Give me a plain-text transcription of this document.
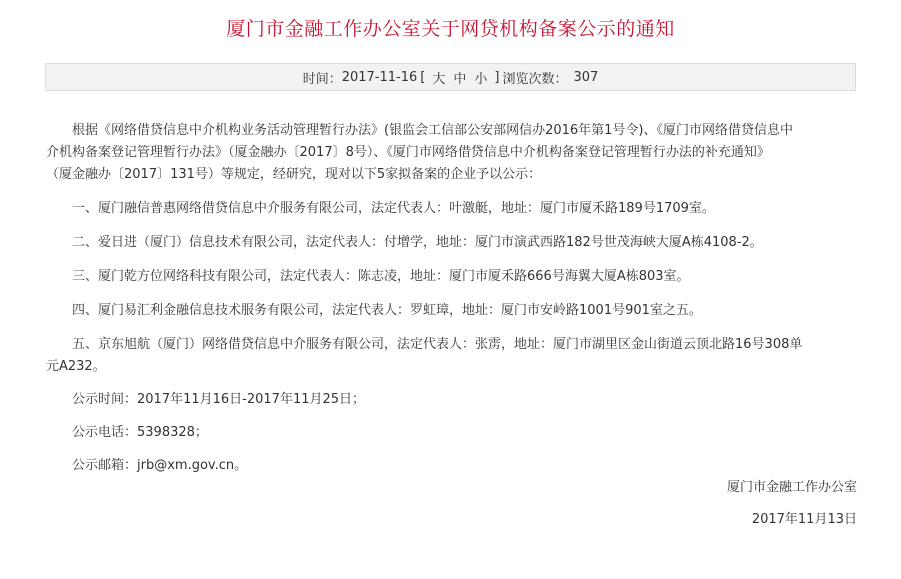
厦门市金融工作办公室关于网贷机构备案公示的通知
时间： 2017-11-16 [ 大 中 小 ] 浏览次数： 307

根据《网络借贷信息中介机构业务活动管理暂行办法》(银监会工信部公安部网信办2016年第1号令)、《厦门市网络借贷信息中
介机构备案登记管理暂行办法》（厦金融办〔2017〕8号）、《厦门市网络借贷信息中介机构备案登记管理暂行办法的补充通知》
（厦金融办〔2017〕131号）等规定，经研究，现对以下5家拟备案的企业予以公示：

一、厦门融信普惠网络借贷信息中介服务有限公司，法定代表人：叶激艇，地址：厦门市厦禾路189号1709室。

二、爱日进（厦门）信息技术有限公司，法定代表人：付增学，地址：厦门市演武西路182号世茂海峡大厦A栋4108-2。

三、厦门乾方位网络科技有限公司，法定代表人：陈志凌，地址：厦门市厦禾路666号海翼大厦A栋803室。

四、厦门易汇利金融信息技术服务有限公司，法定代表人：罗虹璋，地址：厦门市安岭路1001号901室之五。

五、京东旭航（厦门）网络借贷信息中介服务有限公司，法定代表人：张雳，地址：厦门市湖里区金山街道云顶北路16号308单
元A232。

公示时间：2017年11月16日-2017年11月25日；

公示电话：5398328；

公示邮箱：jrb@xm.gov.cn。

厦门市金融工作办公室
2017年11月13日
